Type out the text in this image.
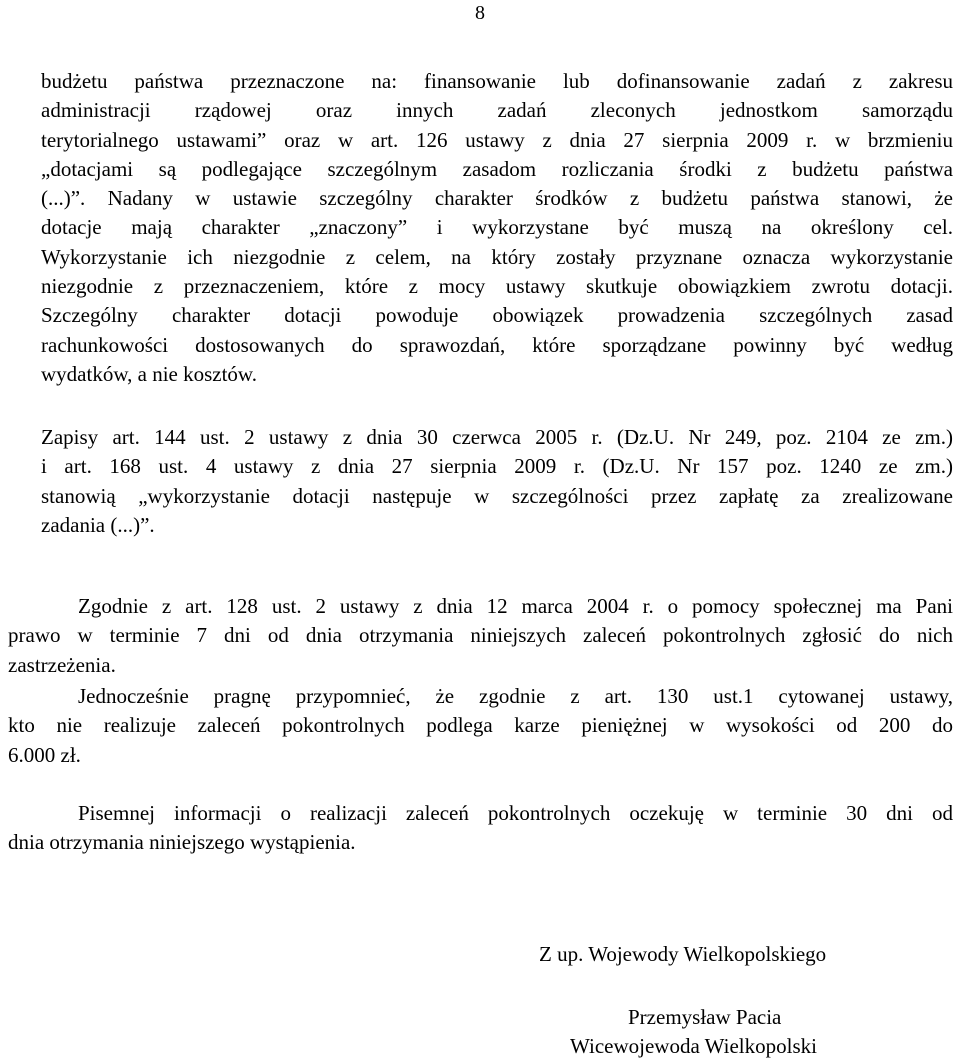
8
budżetu państwa przeznaczone na: finansowanie lub dofinansowanie zadań z zakresu
administracji rządowej oraz innych zadań zleconych jednostkom samorządu
terytorialnego ustawami” oraz w art. 126 ustawy z dnia 27 sierpnia 2009 r. w brzmieniu
„dotacjami są podlegające szczególnym zasadom rozliczania środki z budżetu państwa
(...)”. Nadany w ustawie szczególny charakter środków z budżetu państwa stanowi, że
dotacje mają charakter „znaczony” i wykorzystane być muszą na określony cel.
Wykorzystanie ich niezgodnie z celem, na który zostały przyznane oznacza wykorzystanie
niezgodnie z przeznaczeniem, które z mocy ustawy skutkuje obowiązkiem zwrotu dotacji.
Szczególny charakter dotacji powoduje obowiązek prowadzenia szczególnych zasad
rachunkowości dostosowanych do sprawozdań, które sporządzane powinny być według
wydatków, a nie kosztów.
Zapisy art. 144 ust. 2 ustawy z dnia 30 czerwca 2005 r. (Dz.U. Nr 249, poz. 2104 ze zm.)
i art. 168 ust. 4 ustawy z dnia 27 sierpnia 2009 r. (Dz.U. Nr 157 poz. 1240 ze zm.)
stanowią „wykorzystanie dotacji następuje w szczególności przez zapłatę za zrealizowane
zadania (...)”.
Zgodnie z art. 128 ust. 2 ustawy z dnia 12 marca 2004 r. o pomocy społecznej ma Pani
prawo w terminie 7 dni od dnia otrzymania niniejszych zaleceń pokontrolnych zgłosić do nich
zastrzeżenia.
Jednocześnie pragnę przypomnieć, że zgodnie z art. 130 ust.1 cytowanej ustawy,
kto nie realizuje zaleceń pokontrolnych podlega karze pieniężnej w wysokości od 200 do
6.000 zł.
Pisemnej informacji o realizacji zaleceń pokontrolnych oczekuję w terminie 30 dni od
dnia otrzymania niniejszego wystąpienia.
Z up. Wojewody Wielkopolskiego
Przemysław Pacia
Wicewojewoda Wielkopolski
